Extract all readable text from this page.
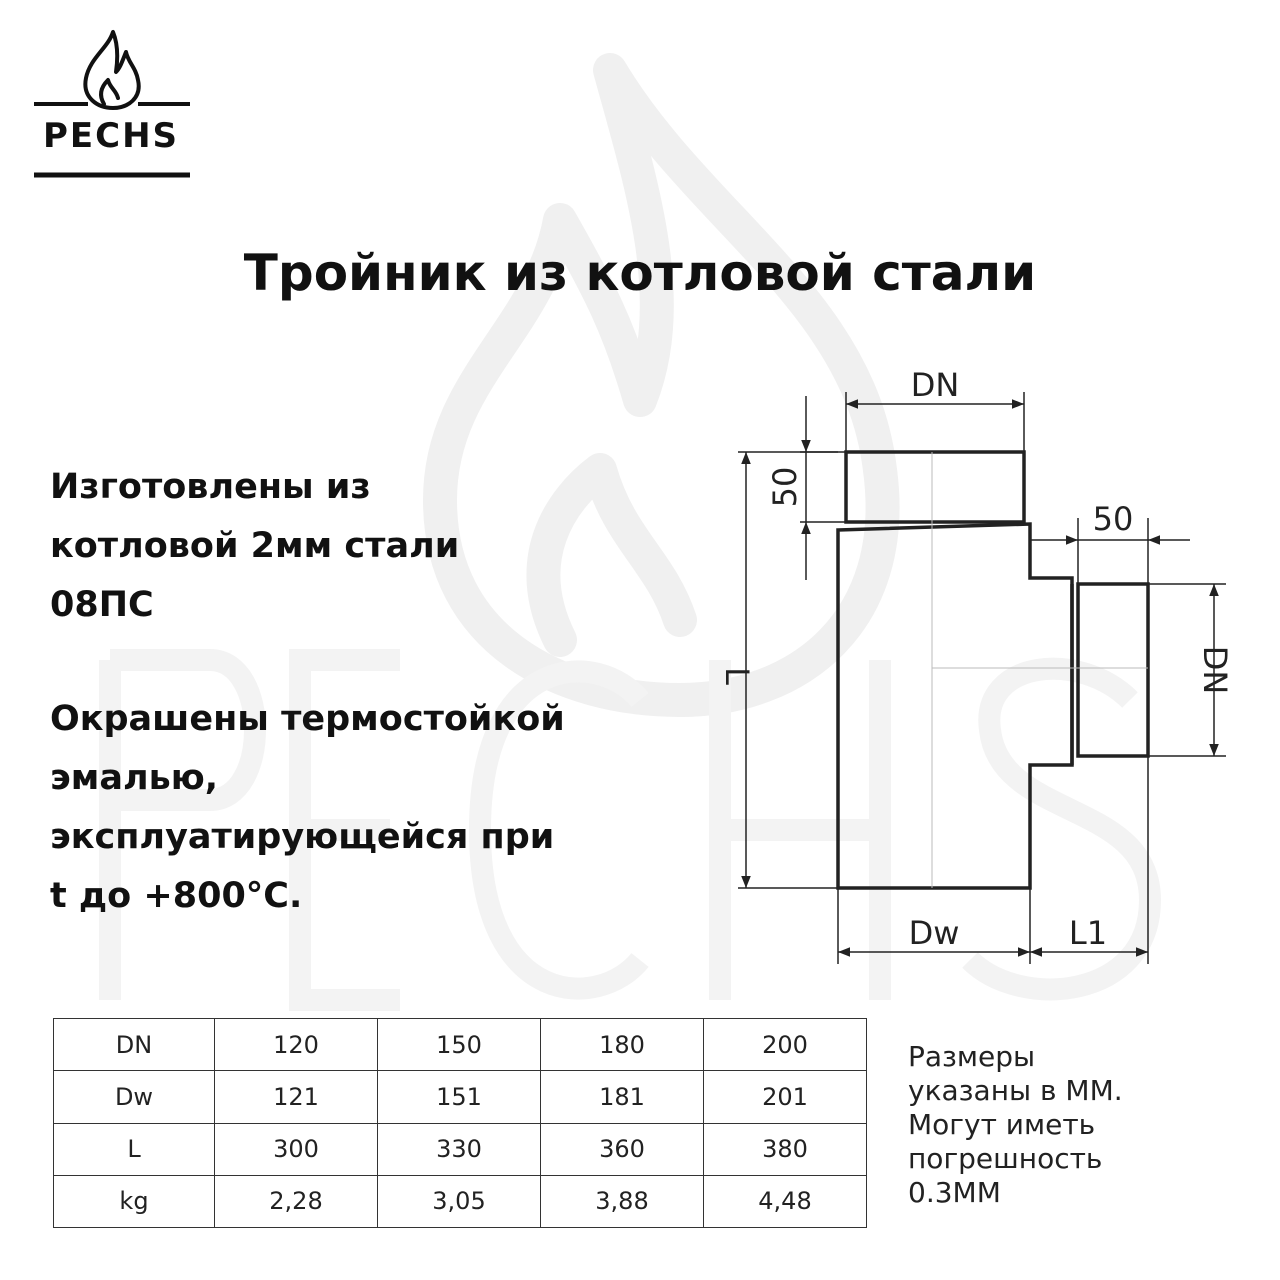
PECHS
Тройник из котловой стали

Изготовлены из
котловой 2мм стали
08ПС

Окрашены термостойкой
эмалью,
эксплуатирующейся при
t до +800°C.

DN
50
50
DN
L
Dw	L1
DN	120	150	180	200
Dw	121	151	181	201
L	300	330	360	380
kg	2,28	3,05	3,88	4,48

Размеры
указаны в ММ.
Могут иметь
погрешность
0.3ММ
